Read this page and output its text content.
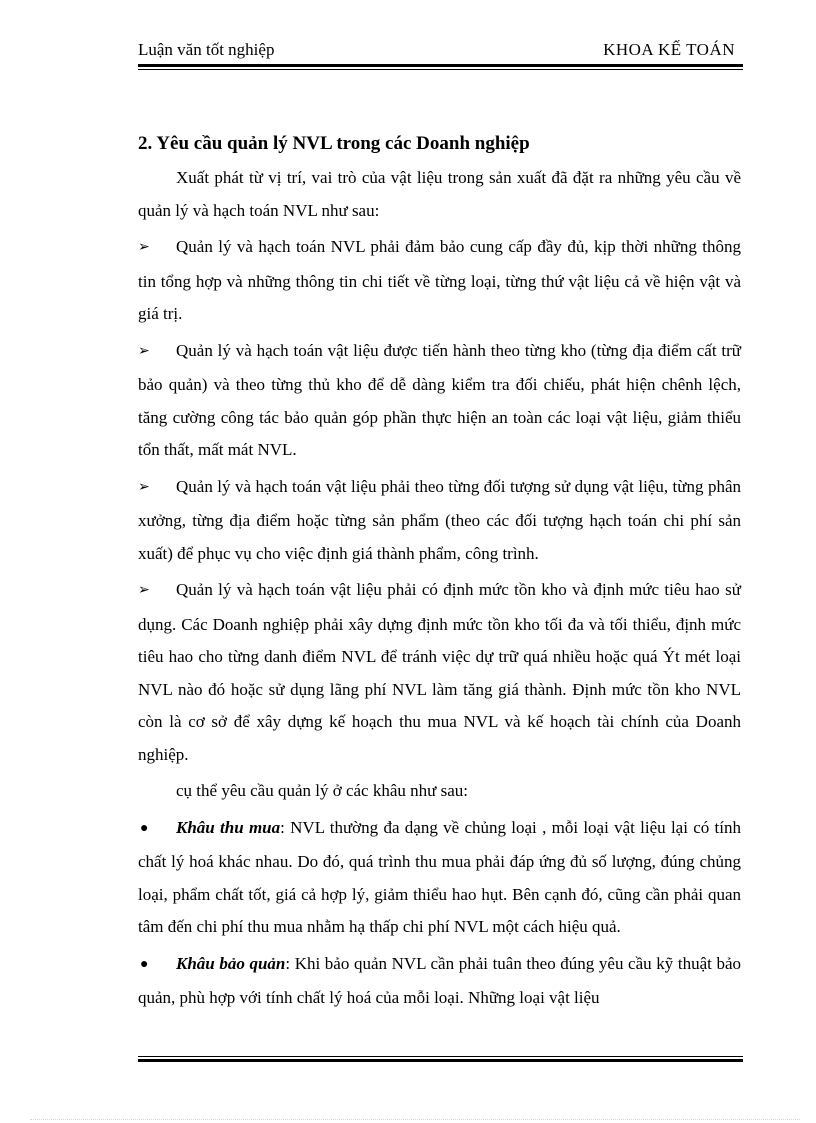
Luận văn tốt nghiệp	KHOA KẾ TOÁN
2. Yêu cầu quản lý NVL trong các Doanh nghiệp

Xuất phát từ vị trí, vai trò của vật liệu trong sản xuất đã đặt ra những yêu cầu về quản lý và hạch toán NVL như sau:

➢ Quản lý và hạch toán NVL phải đảm bảo cung cấp đầy đủ, kịp thời những thông tin tổng hợp và những thông tin chi tiết về từng loại, từng thứ vật liệu cả về hiện vật và giá trị.

➢ Quản lý và hạch toán vật liệu được tiến hành theo từng kho (từng địa điểm cất trữ bảo quản) và theo từng thủ kho để dễ dàng kiểm tra đối chiếu, phát hiện chênh lệch, tăng cường công tác bảo quản góp phần thực hiện an toàn các loại vật liệu, giảm thiểu tổn thất, mất mát NVL.

➢ Quản lý và hạch toán vật liệu phải theo từng đối tượng sử dụng vật liệu, từng phân xưởng, từng địa điểm hoặc từng sản phẩm (theo các đối tượng hạch toán chi phí sản xuất) để phục vụ cho việc định giá thành phẩm, công trình.

➢ Quản lý và hạch toán vật liệu phải có định mức tồn kho và định mức tiêu hao sử dụng. Các Doanh nghiệp phải xây dựng định mức tồn kho tối đa và tối thiểu, định mức tiêu hao cho từng danh điểm NVL để tránh việc dự trữ quá nhiều hoặc quá Ýt mét loại NVL nào đó hoặc sử dụng lãng phí NVL làm tăng giá thành. Định mức tồn kho NVL còn là cơ sở để xây dựng kế hoạch thu mua NVL và kế hoạch tài chính của Doanh nghiệp.

cụ thể yêu cầu quản lý ở các khâu như sau:

● Khâu thu mua: NVL thường đa dạng về chủng loại , mỗi loại vật liệu lại có tính chất lý hoá khác nhau. Do đó, quá trình thu mua phải đáp ứng đủ số lượng, đúng chủng loại, phẩm chất tốt, giá cả hợp lý, giảm thiểu hao hụt. Bên cạnh đó, cũng cần phải quan tâm đến chi phí thu mua nhằm hạ thấp chi phí NVL một cách hiệu quả.

● Khâu bảo quản: Khi bảo quản NVL cần phải tuân theo đúng yêu cầu kỹ thuật bảo quản, phù hợp với tính chất lý hoá của mỗi loại. Những loại vật liệu
